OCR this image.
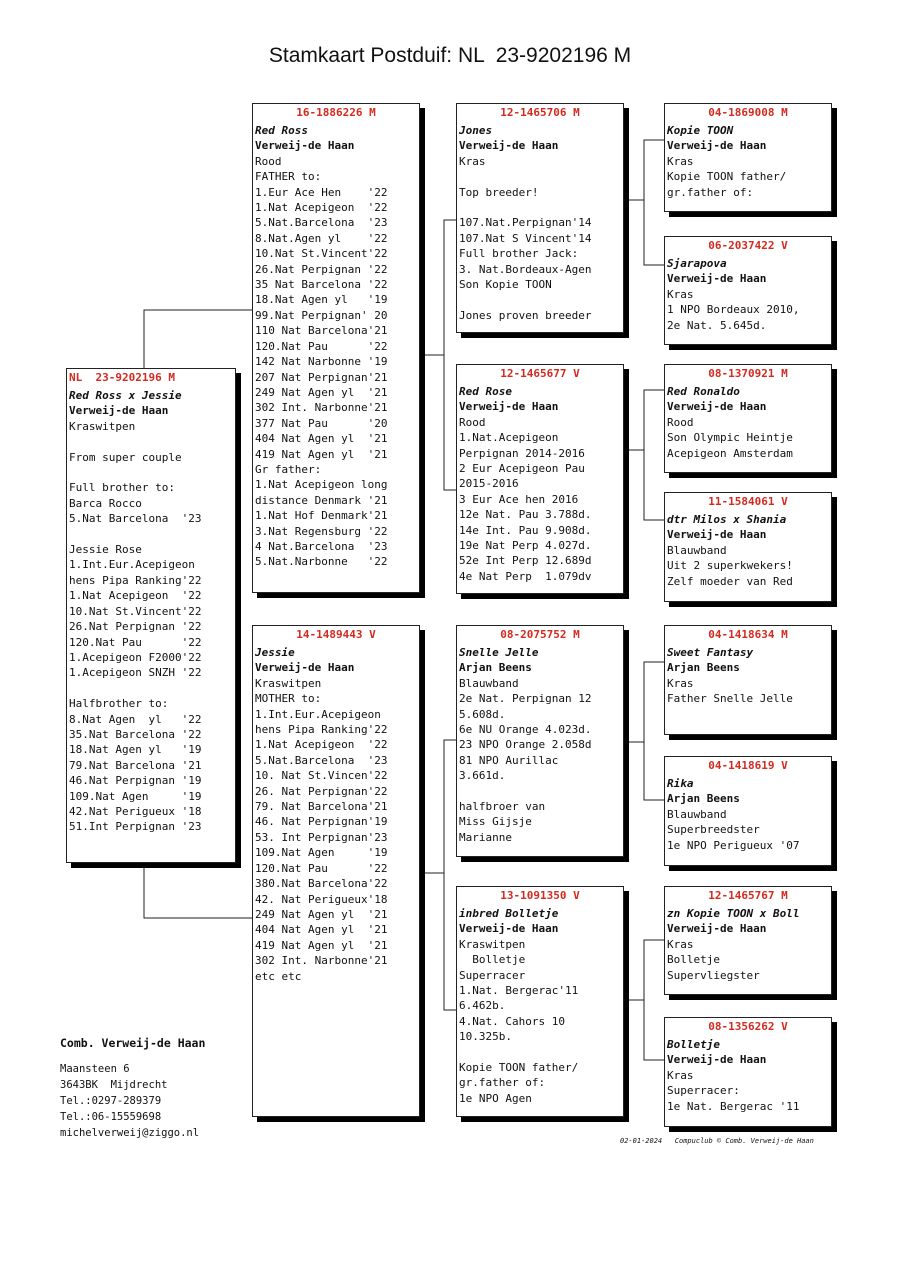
Stamkaart Postduif: NL  23-9202196 M
NL  23-9202196 M
Red Ross x Jessie
Verweij-de Haan
Kraswitpen

From super couple

Full brother to:
Barca Rocco
5.Nat Barcelona  '23

Jessie Rose
1.Int.Eur.Acepigeon
hens Pipa Ranking'22
1.Nat Acepigeon  '22
10.Nat St.Vincent'22
26.Nat Perpignan '22
120.Nat Pau      '22
1.Acepigeon F2000'22
1.Acepigeon SNZH '22

Halfbrother to:
8.Nat Agen  yl   '22
35.Nat Barcelona '22
18.Nat Agen yl   '19
79.Nat Barcelona '21
46.Nat Perpignan '19
109.Nat Agen     '19
42.Nat Perigueux '18
51.Int Perpignan '23
16-1886226 M
Red Ross
Verweij-de Haan
Rood
FATHER to:
1.Eur Ace Hen    '22
1.Nat Acepigeon  '22
5.Nat.Barcelona  '23
8.Nat.Agen yl    '22
10.Nat St.Vincent'22
26.Nat Perpignan '22
35 Nat Barcelona '22
18.Nat Agen yl   '19
99.Nat Perpignan' 20
110 Nat Barcelona'21
120.Nat Pau      '22
142 Nat Narbonne '19
207 Nat Perpignan'21
249 Nat Agen yl  '21
302 Int. Narbonne'21
377 Nat Pau      '20
404 Nat Agen yl  '21
419 Nat Agen yl  '21
Gr father:
1.Nat Acepigeon long
distance Denmark '21
1.Nat Hof Denmark'21
3.Nat Regensburg '22
4 Nat.Barcelona  '23
5.Nat.Narbonne   '22
14-1489443 V
Jessie
Verweij-de Haan
Kraswitpen
MOTHER to:
1.Int.Eur.Acepigeon
hens Pipa Ranking'22
1.Nat Acepigeon  '22
5.Nat.Barcelona  '23
10. Nat St.Vincen'22
26. Nat Perpignan'22
79. Nat Barcelona'21
46. Nat Perpignan'19
53. Int Perpignan'23
109.Nat Agen     '19
120.Nat Pau      '22
380.Nat Barcelona'22
42. Nat Perigueux'18
249 Nat Agen yl  '21
404 Nat Agen yl  '21
419 Nat Agen yl  '21
302 Int. Narbonne'21
etc etc
12-1465706 M
Jones
Verweij-de Haan
Kras

Top breeder!

107.Nat.Perpignan'14
107.Nat S Vincent'14
Full brother Jack:
3. Nat.Bordeaux-Agen
Son Kopie TOON

Jones proven breeder
12-1465677 V
Red Rose
Verweij-de Haan
Rood
1.Nat.Acepigeon
Perpignan 2014-2016
2 Eur Acepigeon Pau
2015-2016
3 Eur Ace hen 2016
12e Nat. Pau 3.788d.
14e Int. Pau 9.908d.
19e Nat Perp 4.027d.
52e Int Perp 12.689d
4e Nat Perp  1.079dv
08-2075752 M
Snelle Jelle
Arjan Beens
Blauwband
2e Nat. Perpignan 12
5.608d.
6e NU Orange 4.023d.
23 NPO Orange 2.058d
81 NPO Aurillac
3.661d.

halfbroer van
Miss Gijsje
Marianne
13-1091350 V
inbred Bolletje
Verweij-de Haan
Kraswitpen
Bolletje
Superracer
1.Nat. Bergerac'11
6.462b.
4.Nat. Cahors 10
10.325b.

Kopie TOON father/
gr.father of:
1e NPO Agen
04-1869008 M
Kopie TOON
Verweij-de Haan
Kras
Kopie TOON father/
gr.father of:
06-2037422 V
Sjarapova
Verweij-de Haan
Kras
1 NPO Bordeaux 2010,
2e Nat. 5.645d.
08-1370921 M
Red Ronaldo
Verweij-de Haan
Rood
Son Olympic Heintje
Acepigeon Amsterdam
11-1584061 V
dtr Milos x Shania
Verweij-de Haan
Blauwband
Uit 2 superkwekers!
Zelf moeder van Red
04-1418634 M
Sweet Fantasy
Arjan Beens
Kras
Father Snelle Jelle
04-1418619 V
Rika
Arjan Beens
Blauwband
Superbreedster
1e NPO Perigueux '07
12-1465767 M
zn Kopie TOON x Boll
Verweij-de Haan
Kras
Bolletje
Supervliegster
08-1356262 V
Bolletje
Verweij-de Haan
Kras
Superracer:
1e Nat. Bergerac '11
Comb. Verweij-de Haan
Maansteen 6
3643BK  Mijdrecht
Tel.:0297-289379
Tel.:06-15559698
michelverweij@ziggo.nl
02-01-2024   Compuclub © Comb. Verweij-de Haan
